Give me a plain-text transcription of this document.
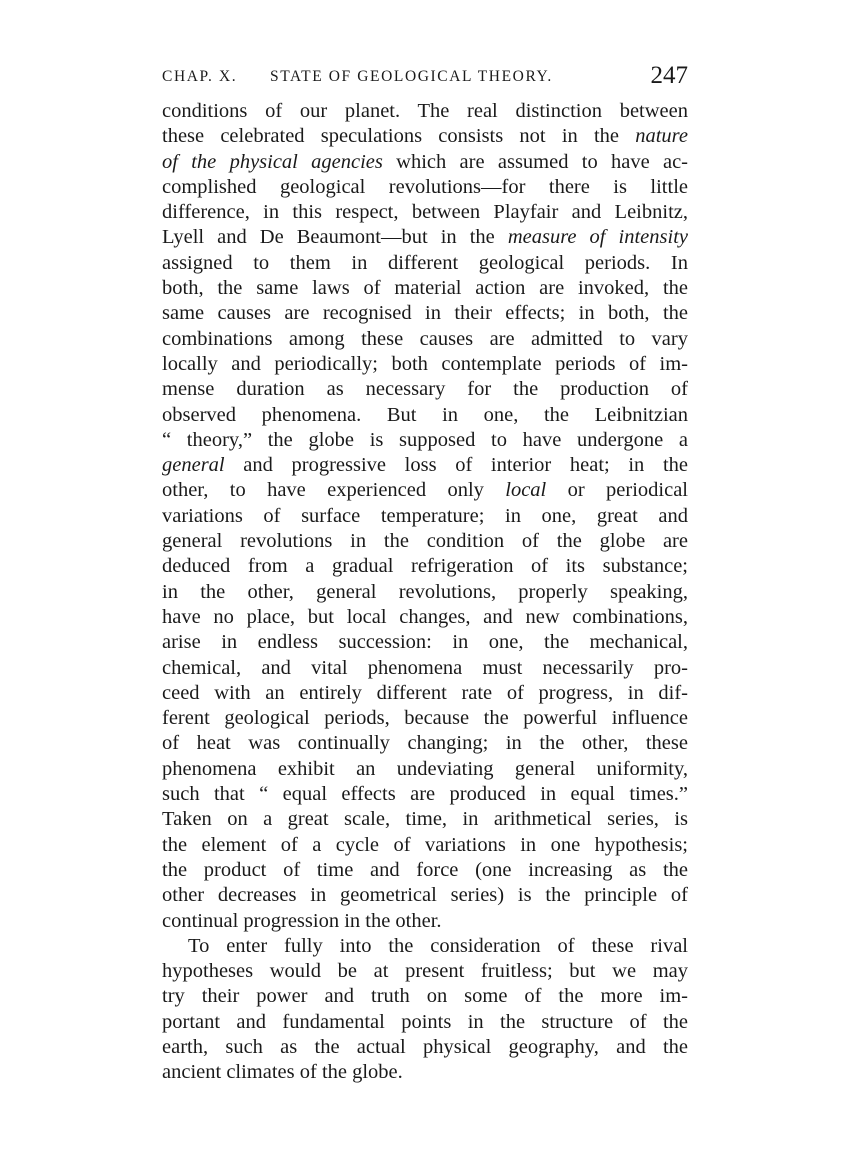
CHAP. X. STATE OF GEOLOGICAL THEORY.	247
conditions of our planet. The real distinction between
these celebrated speculations consists not in the nature
of the physical agencies which are assumed to have ac-
complished geological revolutions—for there is little
difference, in this respect, between Playfair and Leibnitz,
Lyell and De Beaumont—but in the measure of intensity
assigned to them in different geological periods. In
both, the same laws of material action are invoked, the
same causes are recognised in their effects; in both, the
combinations among these causes are admitted to vary
locally and periodically; both contemplate periods of im-
mense duration as necessary for the production of
observed phenomena. But in one, the Leibnitzian
“ theory,” the globe is supposed to have undergone a
general and progressive loss of interior heat; in the
other, to have experienced only local or periodical
variations of surface temperature; in one, great and
general revolutions in the condition of the globe are
deduced from a gradual refrigeration of its substance;
in the other, general revolutions, properly speaking,
have no place, but local changes, and new combinations,
arise in endless succession: in one, the mechanical,
chemical, and vital phenomena must necessarily pro-
ceed with an entirely different rate of progress, in dif-
ferent geological periods, because the powerful influence
of heat was continually changing; in the other, these
phenomena exhibit an undeviating general uniformity,
such that “ equal effects are produced in equal times.”
Taken on a great scale, time, in arithmetical series, is
the element of a cycle of variations in one hypothesis;
the product of time and force (one increasing as the
other decreases in geometrical series) is the principle of
continual progression in the other.
To enter fully into the consideration of these rival
hypotheses would be at present fruitless; but we may
try their power and truth on some of the more im-
portant and fundamental points in the structure of the
earth, such as the actual physical geography, and the
ancient climates of the globe.
